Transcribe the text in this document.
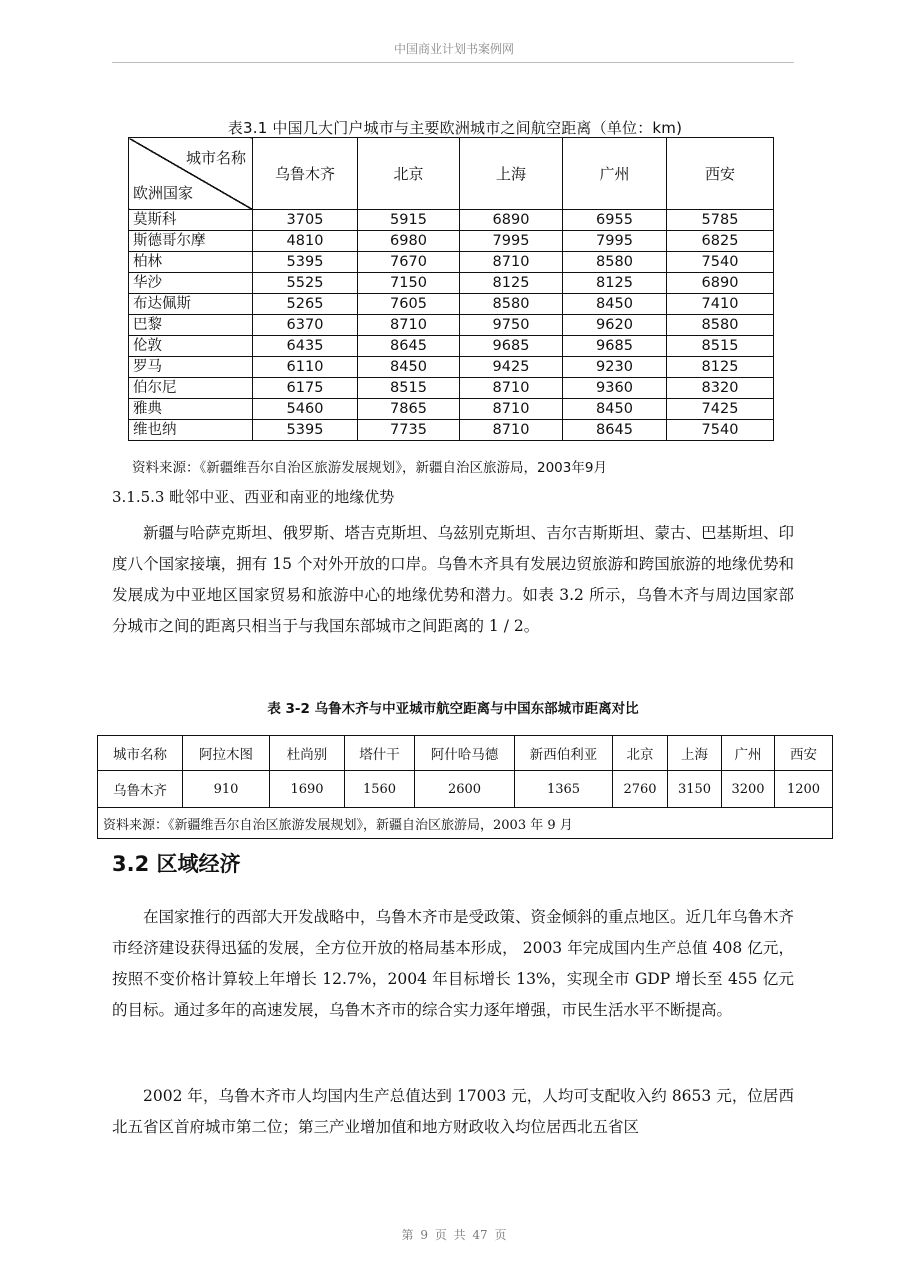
中国商业计划书案例网
表3.1 中国几大门户城市与主要欧洲城市之间航空距离（单位：km)
城市名称
欧洲国家	乌鲁木齐	北京	上海	广州	西安
莫斯科	3705	5915	6890	6955	5785
斯德哥尔摩	4810	6980	7995	7995	6825
柏林	5395	7670	8710	8580	7540
华沙	5525	7150	8125	8125	6890
布达佩斯	5265	7605	8580	8450	7410
巴黎	6370	8710	9750	9620	8580
伦敦	6435	8645	9685	9685	8515
罗马	6110	8450	9425	9230	8125
伯尔尼	6175	8515	8710	9360	8320
雅典	5460	7865	8710	8450	7425
维也纳	5395	7735	8710	8645	7540
资料来源：《新疆维吾尔自治区旅游发展规划》，新疆自治区旅游局，2003年9月
3.1.5.3 毗邻中亚、西亚和南亚的地缘优势
新疆与哈萨克斯坦、俄罗斯、塔吉克斯坦、乌兹别克斯坦、吉尔吉斯斯坦、蒙古、巴基斯坦、印度八个国家接壤，拥有 15 个对外开放的口岸。乌鲁木齐具有发展边贸旅游和跨国旅游的地缘优势和发展成为中亚地区国家贸易和旅游中心的地缘优势和潜力。如表 3.2 所示，乌鲁木齐与周边国家部分城市之间的距离只相当于与我国东部城市之间距离的 1 / 2。
表 3-2 乌鲁木齐与中亚城市航空距离与中国东部城市距离对比
城市名称	阿拉木图	杜尚别	塔什干	阿什哈马德	新西伯利亚	北京	上海	广州	西安
乌鲁木齐	910	1690	1560	2600	1365	2760	3150	3200	1200
资料来源：《新疆维吾尔自治区旅游发展规划》，新疆自治区旅游局，2003 年 9 月									
3.2 区域经济
在国家推行的西部大开发战略中，乌鲁木齐市是受政策、资金倾斜的重点地区。近几年乌鲁木齐市经济建设获得迅猛的发展，全方位开放的格局基本形成， 2003 年完成国内生产总值 408 亿元，按照不变价格计算较上年增长 12.7%，2004 年目标增长 13%，实现全市 GDP 增长至 455 亿元的目标。通过多年的高速发展，乌鲁木齐市的综合实力逐年增强，市民生活水平不断提高。
2002 年，乌鲁木齐市人均国内生产总值达到 17003 元，人均可支配收入约 8653 元，位居西北五省区首府城市第二位；第三产业增加值和地方财政收入均位居西北五省区
第 9 页 共 47 页
